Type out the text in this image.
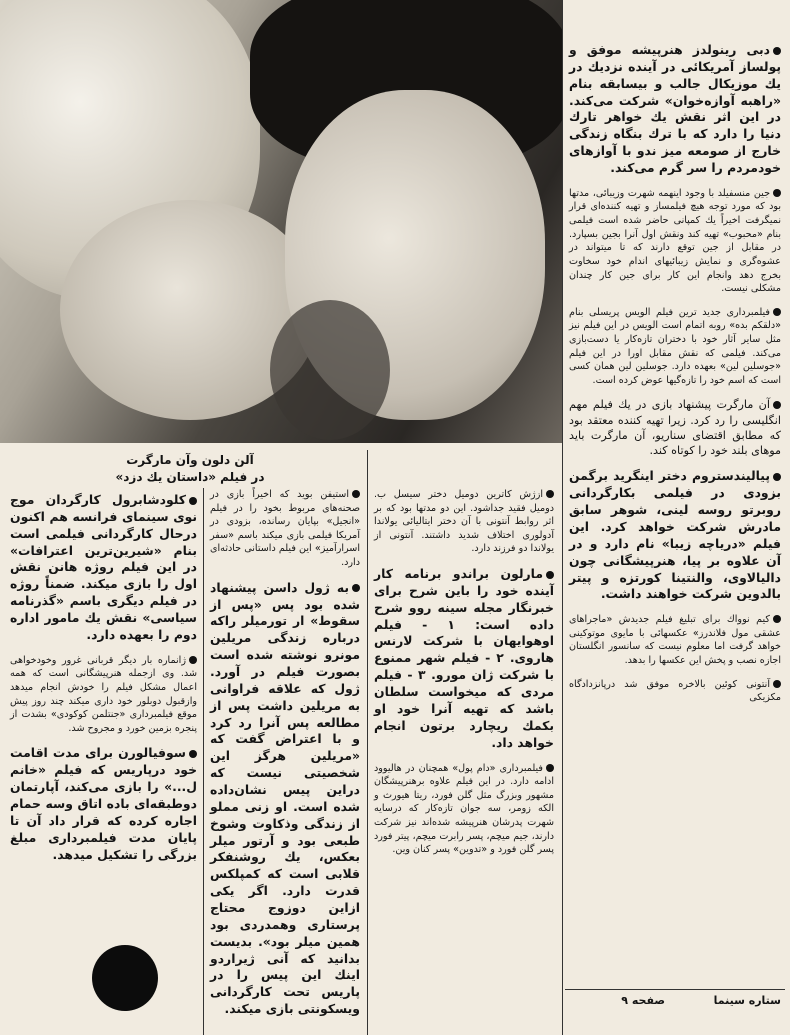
آلن دلون وآن مارگرت
در فیلم «داستان یك دزد»

دبی رینولدز هنرپیشه موفق و پولساز آمریکائی در آینده نزدیك در یك موزیكال جالب و بیسابقه بنام «راهبه آوازه‌خوان» شرکت می‌کند. در این اثر نقش یك خواهر تارك دنیا را دارد که با ترك بنگاه زندگی خارج از صومعه میز ندو با آوازهای خودمردم را سر گرم می‌کند.

جین منسفیلد با وجود اینهمه شهرت وزیبائی، مدتها بود که مورد توجه هیچ فیلمساز و تهیه کننده‌ای قرار نمیگرفت اخیراً یك کمپانی حاضر شده است فیلمی بنام «محبوب» تهیه کند ونقش اول آنرا بجین بسپارد. در مقابل از جین توقع دارند که تا میتواند در عشوه‌گری و نمایش زیبائیهای اندام خود سخاوت بخرج دهد وانجام این کار برای جین کار چندان مشکلی نیست.

فیلمبرداری جدید ترین فیلم الویس پریسلی بنام «دلقکم بده» روبه اتمام است الویس در این فیلم نیز مثل سایر آثار خود با دختران تازه‌کار یا دست‌بازی می‌کند. فیلمی که نقش مقابل اورا در این فیلم «جوسلین لین» بعهده دارد. جوسلین لین همان کسی است که اسم خود را تازه‌گیها عوض کرده است.

آن مارگرت پیشنهاد بازی در یك فیلم مهم انگلیسی را رد کرد. زیرا تهیه کننده معتقد بود که مطابق اقتضای سناریو، آن مارگرت باید موهای بلند خود را کوتاه کند.

پیالیندستروم دختر اینگرید برگمن بزودی در فیلمی بکارگردانی روبرتو روسه لینی، شوهر سابق مادرش شرکت خواهد کرد. این فیلم «دریاچه زیبا» نام دارد و در آن علاوه بر پیا، هنرپیشگانی چون دالیالاوی، والنتینا کورتزه و پیتر بالدوین شرکت خواهند داشت.

کیم نوواك برای تبلیغ فیلم جدیدش «ماجراهای عشقی مول فلاندرز» عکسهائی با مایوی موتوکینی خواهد گرفت اما معلوم نیست که سانسور انگلستان اجازه نصب و پخش این عکسها را بدهد.

آنتونی کوئین بالاخره موفق شد درپانزدادگاه مکزیکی

ازژش كاترین دومیل دختر سیسل ب. دومیل فقید جداشود. این دو مدتها بود که بر اثر روابط آنتونی با آن دختر ایتالیائی یولاندا آدولوری اختلاف شدید داشتند. آنتونی از یولاندا دو فرزند دارد.

مارلون براندو برنامه کار آینده خود را باین شرح برای خبرنگار مجله سینه روو شرح داده است: ۱ - فیلم اوهوایهان با شرکت لارنس هاروی. ۲ - فیلم شهر ممنوع با شرکت ژان مورو. ۳ - فیلم مردی که میخواست سلطان باشد که تهیه آنرا خود او بکمك ریچارد برتون انجام خواهد داد.

فیلمبرداری «دام پول» همچنان در هالیوود ادامه دارد. در این فیلم علاوه برهنرپیشگان مشهور وبزرگ مثل گلن فورد، ریتا هیورث و الکه زومر، سه جوان تازه‌کار که درسایه شهرت پدرشان هنرپیشه شده‌اند نیز شرکت دارند، جیم میچم، پسر رابرت میچم، پیتر فورد پسر گلن فورد و «تدوین» پسر کنان وین.

استیفن بوید که اخیراً بازی در صحنه‌های مربوط بخود را در فیلم «انجیل» بپایان رسانده، بزودی در آمریکا فیلمی بازی میکند باسم «سفر اسرارآمیز» این فیلم داستانی حادثه‌ای دارد.

به ژول داسن پیشنهاد شده بود پس «پس از سقوط» ار تورمیلر راکه درباره زندگی مریلین مونرو نوشته شده است بصورت فیلم در آورد. ژول که علاقه فراوانی به مریلین داشت پس از مطالعه پس آنرا رد کرد و با اعتراض گفت که «مریلین هرگز این شخصیتی نیست که دراین پیس نشان‌داده شده است. او زنی مملو از زندگی وذکاوت وشوخ طبعی بود و آرتور میلر بعکس، یك روشنفکر قلابی است که کمپلکس قدرت دارد. اگر یکی ازاین دوزوج محتاج پرستاری وهمدردی بود همین میلر بود». بدیست بدانید که آنی ژیراردو اینك این پیس را در پاریس تحت کارگردانی ویسکونتی بازی میکند.

کلودشابرول کارگردان موج نوی سینمای فرانسه هم اکنون درحال کارگردانی فیلمی است بنام «شیرین‌ترین اعترافات» در این فیلم روژه هانن نقش اول را بازی میکند. ضمناً روژه در فیلم دیگری باسم «گذرنامه سیاسی» نقش یك مامور اداره دوم را بعهده دارد.

ژانماره بار دیگر قربانی غرور وخودخواهی شد. وی ازجمله هنرپیشگانی است که همه اعمال مشکل فیلم را خودش انجام میدهد وازقبول دوبلور خود داری میکند چند روز پیش موقع فیلمبرداری «جنتلمن کوکودی» بشدت از پنجره بزمین خورد و مجروح شد.

سوفیالورن برای مدت اقامت خود درپاریس که فیلم «خانم ل...» را بازی می‌کند، آپارتمان دوطبقه‌ای باده اتاق وسه حمام اجاره کرده که قرار داد آن تا پایان مدت فیلمبرداری مبلغ بزرگی را تشکیل میدهد.

ستاره سینما
صفحه ۹
